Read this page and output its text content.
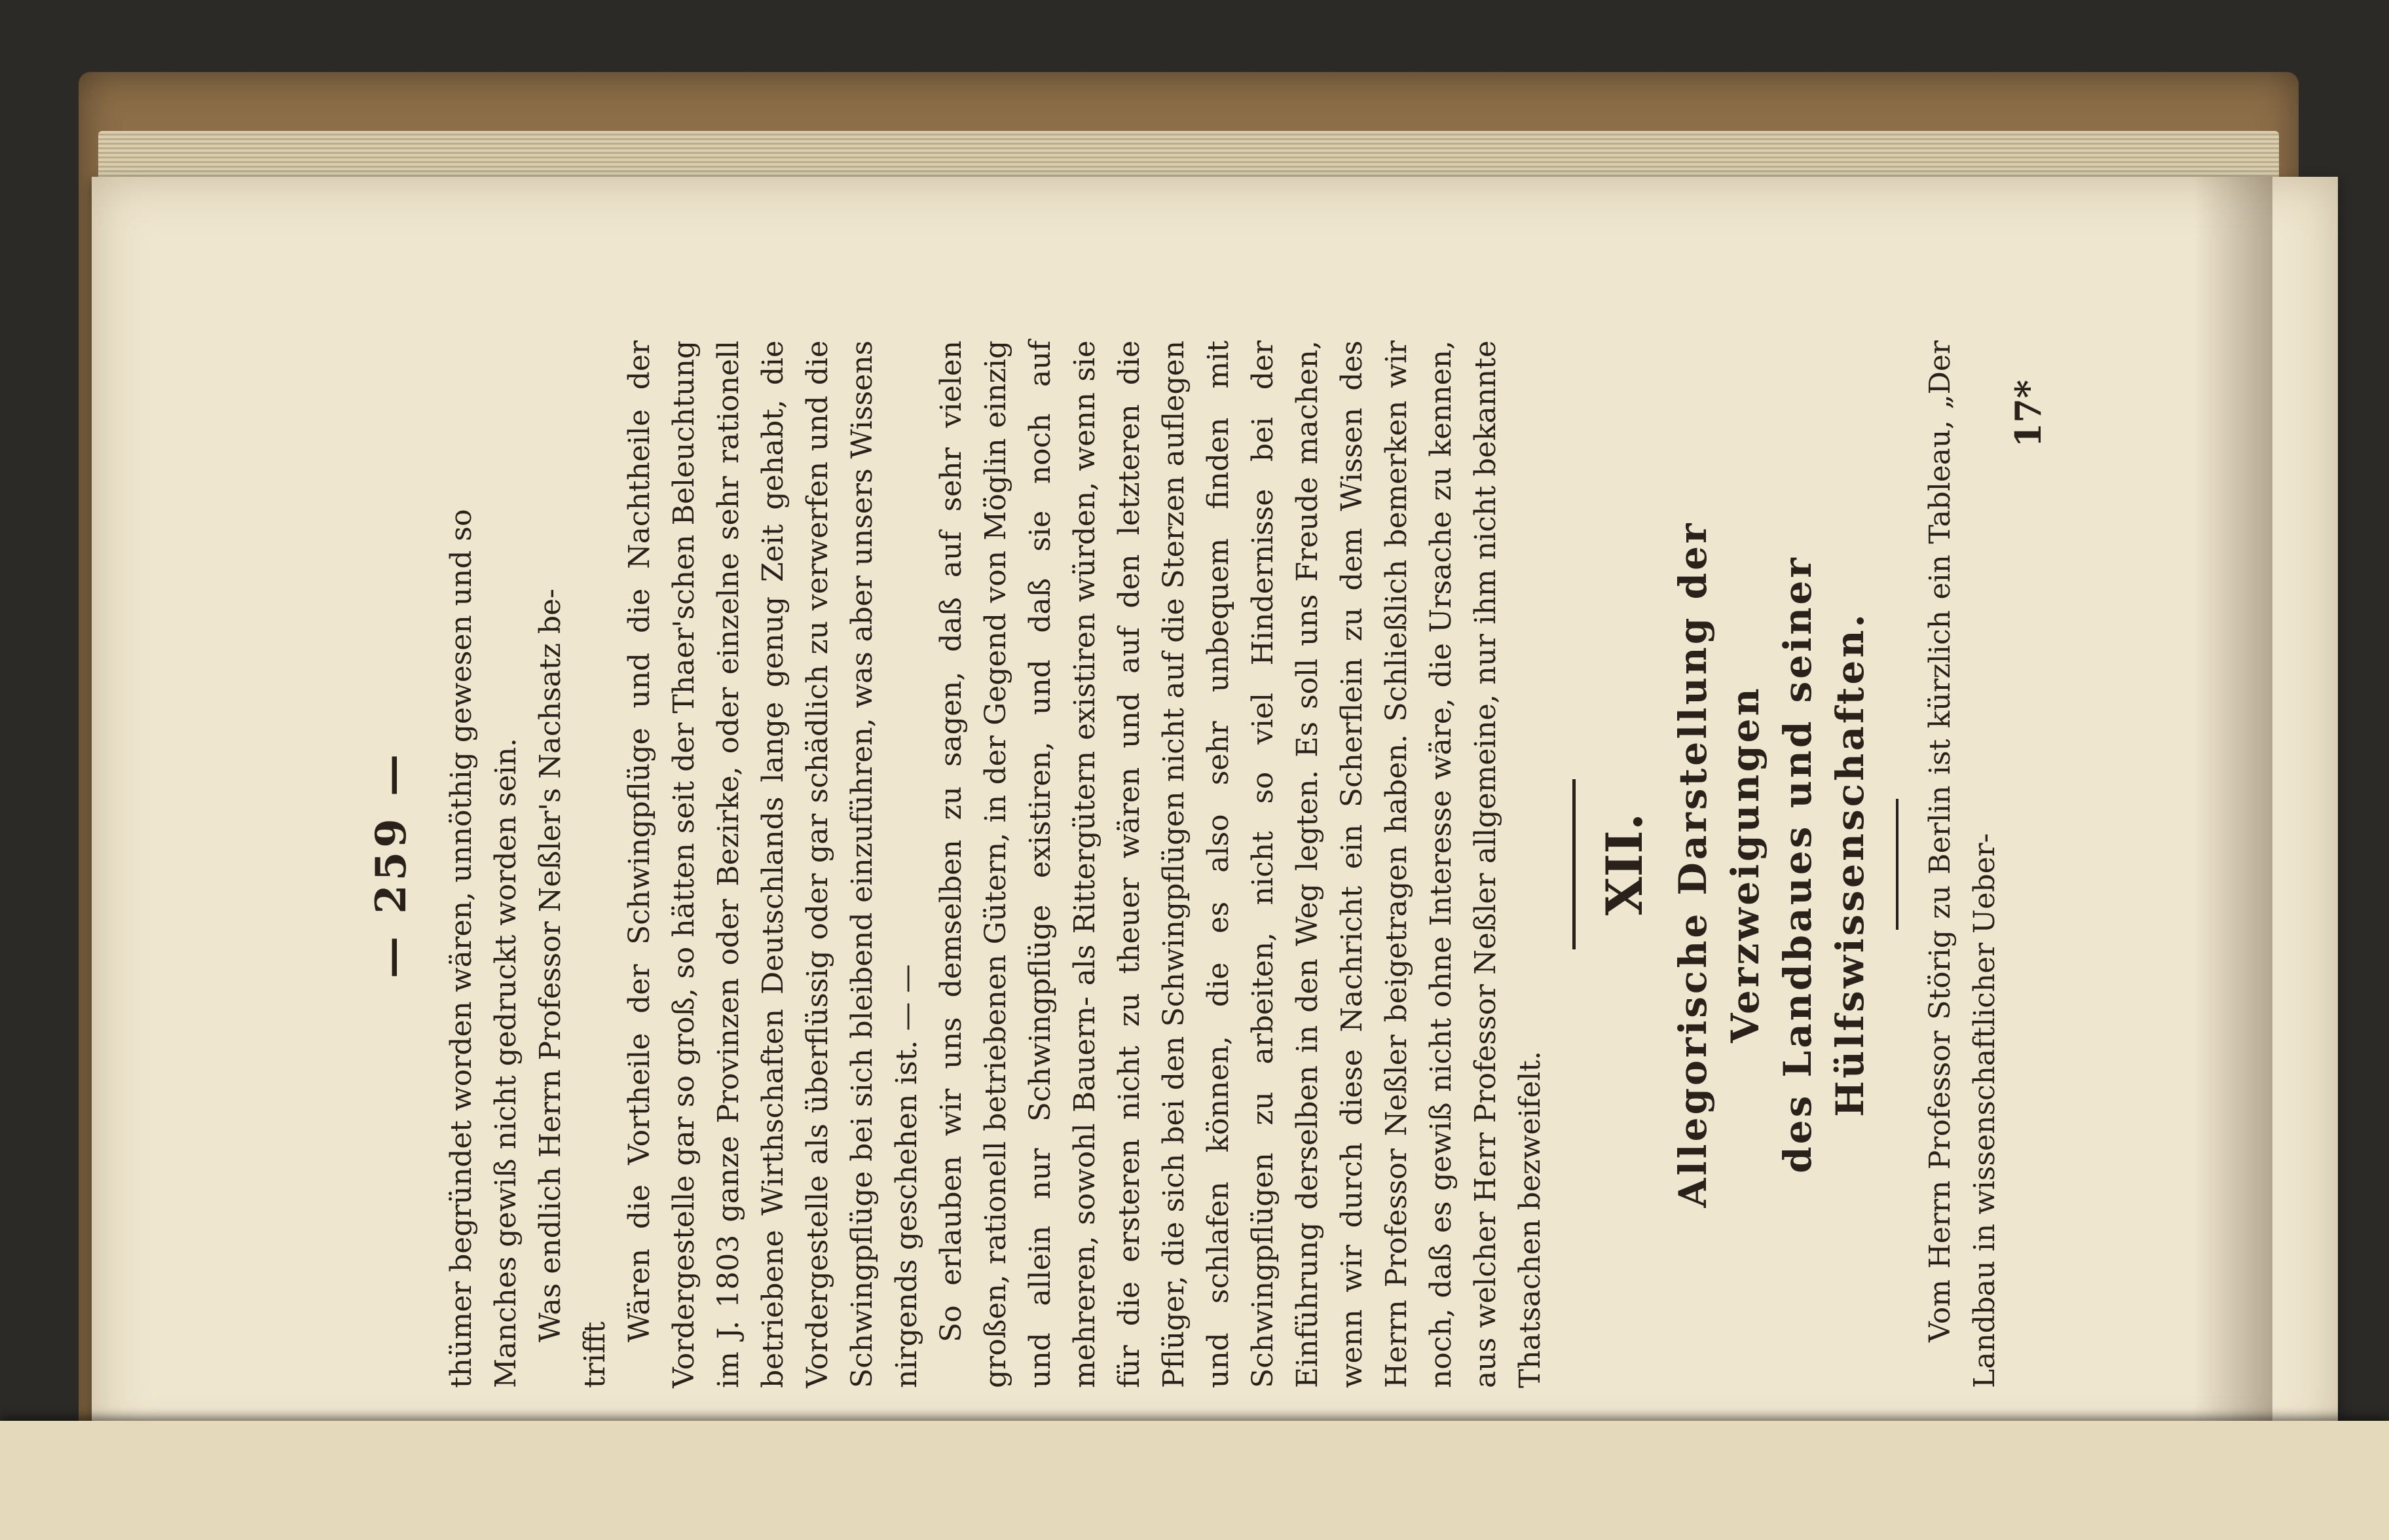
— 259 — thümer begründet worden wären, unnöthig gewesen und so Manches gewiß nicht gedruckt worden sein. Was endlich Herrn Professor Neßler's Nachsatz be-

trifft

Wären die Vortheile der Schwingpflüge und die Nachtheile der Vordergestelle gar so groß, so hätten seit der Thaer'schen Beleuchtung im J. 1803 ganze Provinzen oder Bezirke, oder einzelne sehr rationell betriebene Wirthschaften Deutschlands lange genug Zeit gehabt, die Vordergestelle als überflüssig oder gar schädlich zu verwerfen und die Schwingpflüge bei sich bleibend einzuführen, was aber unsers Wissens nirgends geschehen ist. — — So erlauben wir uns demselben zu sagen, daß auf sehr vielen großen, rationell betriebenen Gütern, in der Gegend von Möglin einzig und allein nur Schwingpflüge existiren, und daß sie noch auf mehreren, sowohl Bauern- als Rittergütern existiren würden, wenn sie für die ersteren nicht zu theuer wären und auf den letzteren die Pflüger, die sich bei den Schwingpflügen nicht auf die Sterzen auflegen und schlafen können, die es also sehr unbequem finden mit Schwingpflügen zu arbeiten, nicht so viel Hindernisse bei der Einführung derselben in den Weg legten. Es soll uns Freude machen, wenn wir durch diese Nachricht ein Scherflein zu dem Wissen des Herrn Professor Neßler beigetragen haben. Schließlich bemerken wir noch, daß es gewiß nicht ohne Interesse wäre, die Ursache zu kennen, aus welcher Herr Professor Neßler allgemeine, nur ihm nicht bekannte Thatsachen bezweifelt.

XII. Allegorische Darstellung der Verzweigungen des Landbaues und seiner Hülfswissenschaften. Vom Herrn Professor Störig zu Berlin ist kürzlich ein Tableau, „Der Landbau in wissenschaftlicher Ueber-

17*
